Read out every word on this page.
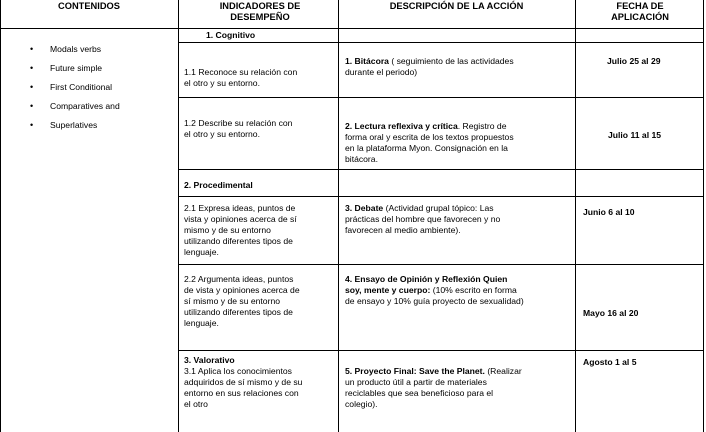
CONTENIDOS	INDICADORES DE DESEMPEÑO
DESCRIPCIÓN DE LA ACCIÓN	FECHA DE APLICACIÓN
• Modals verbs
• Future simple
• First Conditional
• Comparatives and
• Superlatives
1. Cognitivo
2. Procedimental
3. Valorativo
1.1 Reconoce su relación con
el otro y su entorno.
1. Bitácora ( seguimiento de las actividades
durante el periodo)
Julio 25 al 29
1.2 Describe su relación con
el otro y su entorno.
2. Lectura reflexiva y crítica. Registro de
forma oral y escrita de los textos propuestos
en la plataforma Myon. Consignación en la
bitácora.
Julio 11 al 15
2.1 Expresa ideas, puntos de
vista y opiniones acerca de sí
mismo y de su entorno
utilizando diferentes tipos de
lenguaje.
3. Debate (Actividad grupal tópico: Las
prácticas del hombre que favorecen y no
favorecen al medio ambiente).
Junio 6 al 10
2.2 Argumenta ideas, puntos
de vista y opiniones acerca de
sí mismo y de su entorno
utilizando diferentes tipos de
lenguaje.
4. Ensayo de Opinión y Reflexión Quien
soy, mente y cuerpo: (10% escrito en forma
de ensayo y 10% guía proyecto de sexualidad)
Mayo 16 al 20
3.1 Aplica los conocimientos
adquiridos de sí mismo y de su
entorno en sus relaciones con
el otro
5. Proyecto Final: Save the Planet. (Realizar
un producto útil a partir de materiales
reciclables que sea beneficioso para el
colegio).
Agosto 1 al 5
